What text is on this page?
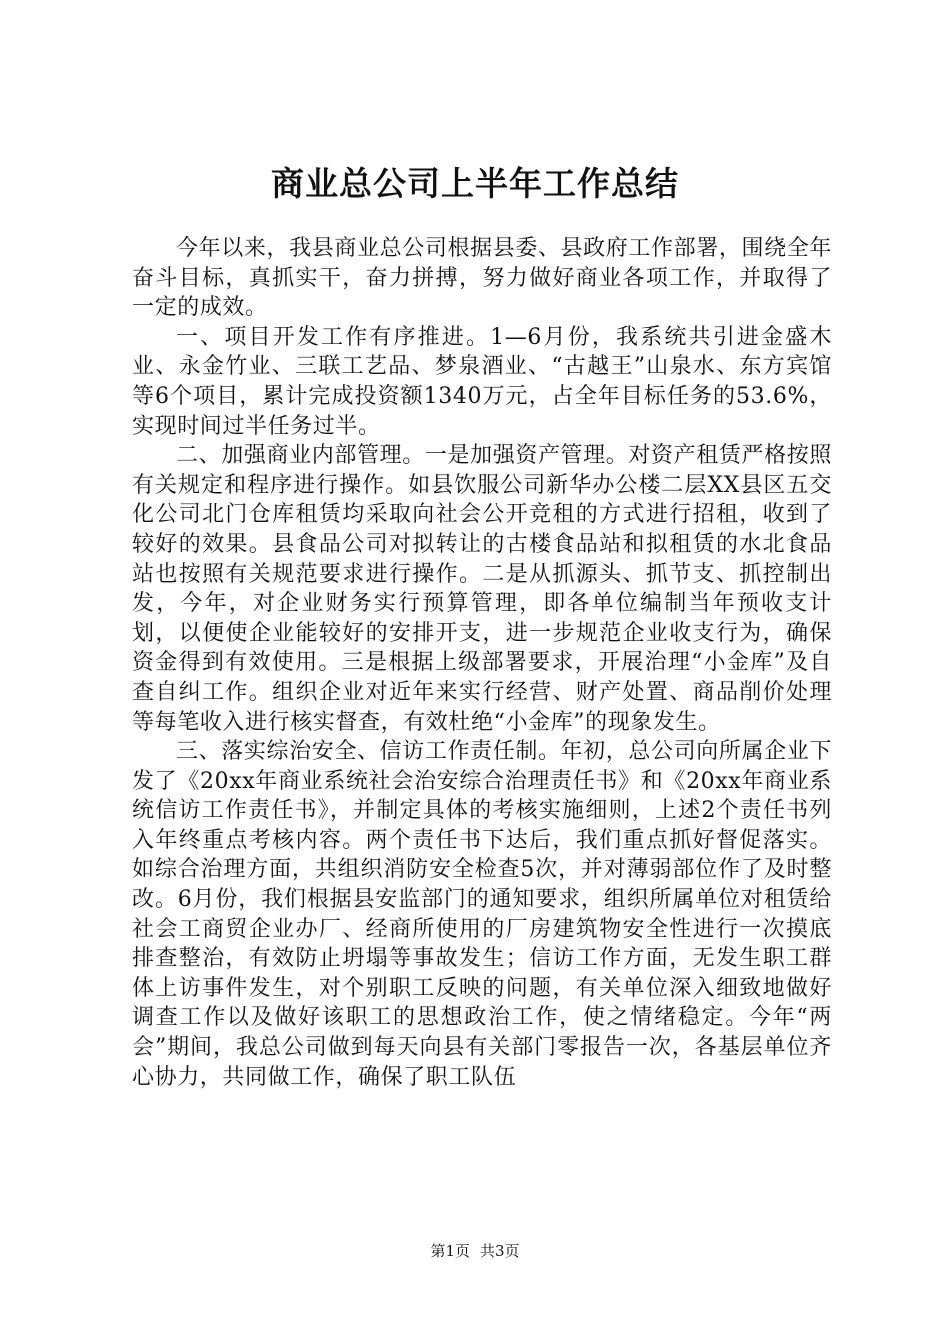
商业总公司上半年工作总结

今年以来，我县商业总公司根据县委、县政府工作部署，围绕全年奋斗目标，真抓实干，奋力拼搏，努力做好商业各项工作，并取得了一定的成效。

一、项目开发工作有序推进。1—6月份，我系统共引进金盛木业、永金竹业、三联工艺品、梦泉酒业、“古越王”山泉水、东方宾馆等6个项目，累计完成投资额1340万元，占全年目标任务的53.6%，实现时间过半任务过半。

二、加强商业内部管理。一是加强资产管理。对资产租赁严格按照有关规定和程序进行操作。如县饮服公司新华办公楼二层XX县区五交化公司北门仓库租赁均采取向社会公开竞租的方式进行招租，收到了较好的效果。县食品公司对拟转让的古楼食品站和拟租赁的水北食品站也按照有关规范要求进行操作。二是从抓源头、抓节支、抓控制出发，今年，对企业财务实行预算管理，即各单位编制当年预收支计划，以便使企业能较好的安排开支，进一步规范企业收支行为，确保资金得到有效使用。三是根据上级部署要求，开展治理“小金库”及自查自纠工作。组织企业对近年来实行经营、财产处置、商品削价处理等每笔收入进行核实督查，有效杜绝“小金库”的现象发生。

三、落实综治安全、信访工作责任制。年初，总公司向所属企业下发了《20xx年商业系统社会治安综合治理责任书》和《20xx年商业系统信访工作责任书》，并制定具体的考核实施细则，上述2个责任书列入年终重点考核内容。两个责任书下达后，我们重点抓好督促落实。如综合治理方面，共组织消防安全检查5次，并对薄弱部位作了及时整改。6月份，我们根据县安监部门的通知要求，组织所属单位对租赁给社会工商贸企业办厂、经商所使用的厂房建筑物安全性进行一次摸底排查整治，有效防止坍塌等事故发生；信访工作方面，无发生职工群体上访事件发生，对个别职工反映的问题，有关单位深入细致地做好调查工作以及做好该职工的思想政治工作，使之情绪稳定。今年“两会”期间，我总公司做到每天向县有关部门零报告一次，各基层单位齐心协力，共同做工作，确保了职工队伍

第1页 共3页
